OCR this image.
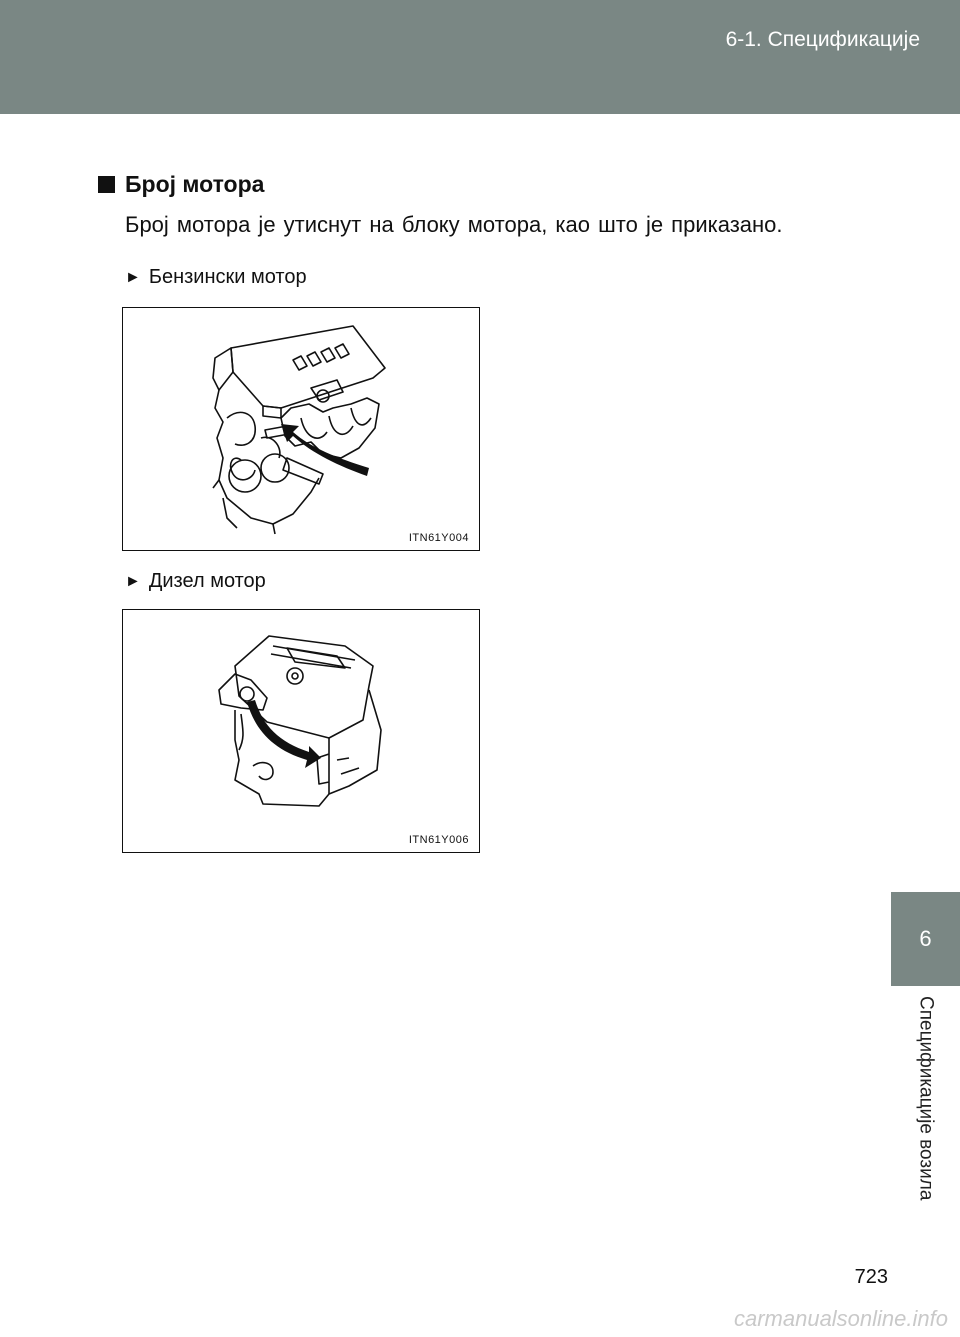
6-1. Спецификације
Број мотора
Број мотора је утиснут на блоку мотора, као што је приказано.
► Бензински мотор
ITN61Y004
► Дизел мотор
ITN61Y006
6
Спецификације возила
723
carmanualsonline.info
